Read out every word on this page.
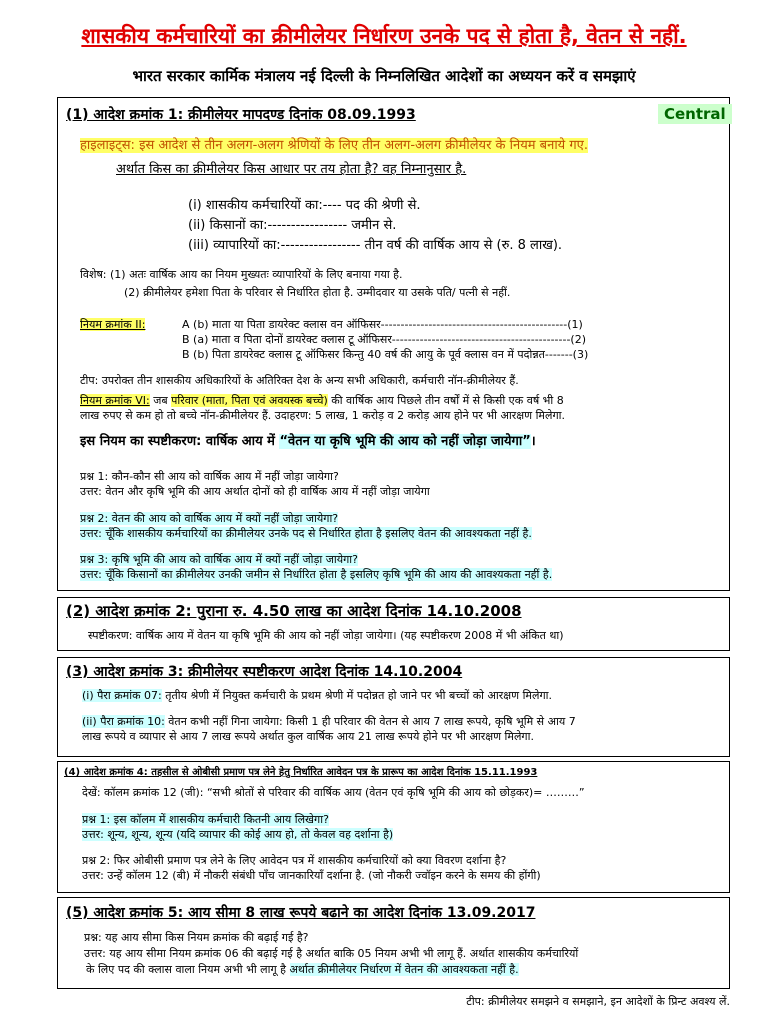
शासकीय कर्मचारियों का क्रीमीलेयर निर्धारण उनके पद से होता है, वेतन से नहीं.
भारत सरकार कार्मिक मंत्रालय नई दिल्ली के निम्नलिखित आदेशों का अध्ययन करें व समझाएं
(1) आदेश क्रमांक 1: क्रीमीलेयर मापदण्ड दिनांक 08.09.1993	Central
हाइलाइट्स: इस आदेश से तीन अलग-अलग श्रेणियों के लिए तीन अलग-अलग क्रीमीलेयर के नियम बनाये गए.
अर्थात किस का क्रीमीलेयर किस आधार पर तय होता है? वह निम्नानुसार है.
(i) शासकीय कर्मचारियों का:---- पद की श्रेणी से.
(ii) किसानों का:----------------- जमीन से.
(iii) व्यापारियों का:----------------- तीन वर्ष की वार्षिक आय से (रु. 8 लाख).
विशेष: (1) अतः वार्षिक आय का नियम मुख्यतः व्यापारियों के लिए बनाया गया है.
(2) क्रीमीलेयर हमेशा पिता के परिवार से निर्धारित होता है. उम्मीदवार या उसके पति/ पत्नी से नहीं.
नियम क्रमांक II:	A (b) माता या पिता डायरेक्ट क्लास वन ऑफिसर-----------------------------------------------(1)
B (a) माता व पिता दोनों डायरेक्ट क्लास टू ऑफिसर---------------------------------------------(2)
B (b) पिता डायरेक्ट क्लास टू ऑफिसर किन्तु 40 वर्ष की आयु के पूर्व क्लास वन में पदोन्नत-------(3)
टीप: उपरोक्त तीन शासकीय अधिकारियों के अतिरिक्त देश के अन्य सभी अधिकारी, कर्मचारी नॉन-क्रीमीलेयर हैं.
नियम क्रमांक VI: जब परिवार (माता, पिता एवं अवयस्क बच्चे) की वार्षिक आय पिछले तीन वर्षों में से किसी एक वर्ष भी 8
लाख रुपए से कम हो तो बच्चे नॉन-क्रीमीलेयर हैं. उदाहरण: 5 लाख, 1 करोड़ व 2 करोड़ आय होने पर भी आरक्षण मिलेगा.
इस नियम का स्पष्टीकरण: वार्षिक आय में “वेतन या कृषि भूमि की आय को नहीं जोड़ा जायेगा”।
प्रश्न 1: कौन-कौन सी आय को वार्षिक आय में नहीं जोड़ा जायेगा?
उत्तर: वेतन और कृषि भूमि की आय अर्थात दोनों को ही वार्षिक आय में नहीं जोड़ा जायेगा
प्रश्न 2: वेतन की आय को वार्षिक आय में क्यों नहीं जोड़ा जायेगा?
उत्तर: चूँकि शासकीय कर्मचारियों का क्रीमीलेयर उनके पद से निर्धारित होता है इसलिए वेतन की आवश्यकता नहीं है.
प्रश्न 3: कृषि भूमि की आय को वार्षिक आय में क्यों नहीं जोड़ा जायेगा?
उत्तर: चूँकि किसानों का क्रीमीलेयर उनकी जमीन से निर्धारित होता है इसलिए कृषि भूमि की आय की आवश्यकता नहीं है.
(2) आदेश क्रमांक 2: पुराना रु. 4.50 लाख का आदेश दिनांक 14.10.2008
स्पष्टीकरण: वार्षिक आय में वेतन या कृषि भूमि की आय को नहीं जोड़ा जायेगा। (यह स्पष्टीकरण 2008 में भी अंकित था)
(3) आदेश क्रमांक 3: क्रीमीलेयर स्पष्टीकरण आदेश दिनांक 14.10.2004
(i) पैरा क्रमांक 07: तृतीय श्रेणी में नियुक्त कर्मचारी के प्रथम श्रेणी में पदोन्नत हो जाने पर भी बच्चों को आरक्षण मिलेगा.
(ii) पैरा क्रमांक 10: वेतन कभी नहीं गिना जायेगा: किसी 1 ही परिवार की वेतन से आय 7 लाख रूपये, कृषि भूमि से आय 7
लाख रूपये व व्यापार से आय 7 लाख रूपये अर्थात कुल वार्षिक आय 21 लाख रूपये होने पर भी आरक्षण मिलेगा.
(4) आदेश क्रमांक 4: तहसील से ओबीसी प्रमाण पत्र लेने हेतु निर्धारित आवेदन पत्र के प्रारूप का आदेश दिनांक 15.11.1993
देखें: कॉलम क्रमांक 12 (जी): “सभी श्रोतों से परिवार की वार्षिक आय (वेतन एवं कृषि भूमि की आय को छोड़कर)= ………”
प्रश्न 1: इस कॉलम में शासकीय कर्मचारी कितनी आय लिखेगा?
उत्तर: शून्य, शून्य, शून्य (यदि व्यापार की कोई आय हो, तो केवल वह दर्शाना है)
प्रश्न 2: फिर ओबीसी प्रमाण पत्र लेने के लिए आवेदन पत्र में शासकीय कर्मचारियों को क्या विवरण दर्शाना है?
उत्तर: उन्हें कॉलम 12 (बी) में नौकरी संबंधी पाँच जानकारियाँ दर्शाना है. (जो नौकरी ज्वॉइन करने के समय की होंगी)
(5) आदेश क्रमांक 5: आय सीमा 8 लाख रूपये बढाने का आदेश दिनांक 13.09.2017
प्रश्न: यह आय सीमा किस नियम क्रमांक की बढ़ाई गई है?
उत्तर: यह आय सीमा नियम क्रमांक 06 की बढ़ाई गई है अर्थात बाकि 05 नियम अभी भी लागू हैं. अर्थात शासकीय कर्मचारियों
के लिए पद की क्लास वाला नियम अभी भी लागू है अर्थात क्रीमीलेयर निर्धारण में वेतन की आवश्यकता नहीं है.
टीप: क्रीमीलेयर समझने व समझाने, इन आदेशों के प्रिन्ट अवश्य लें.
